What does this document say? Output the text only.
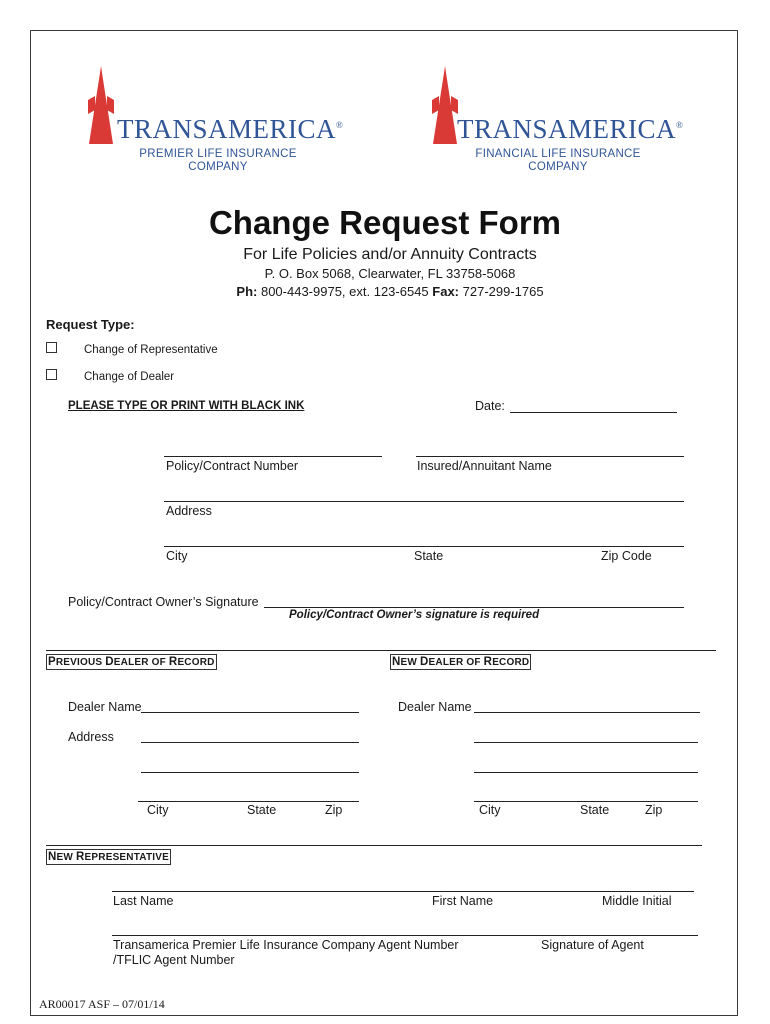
TRANSAMERICA®
PREMIER LIFE INSURANCE
COMPANY
TRANSAMERICA®
FINANCIAL LIFE INSURANCE
COMPANY
Change Request Form
For Life Policies and/or Annuity Contracts
P. O. Box 5068, Clearwater, FL 33758-5068
Ph: 800-443-9975, ext. 123-6545 Fax: 727-299-1765
Request Type:
Change of Representative
Change of Dealer
PLEASE TYPE OR PRINT WITH BLACK INK	Date:
Policy/Contract Number	Insured/Annuitant Name
Address
City	State	Zip Code
Policy/Contract Owner’s Signature
Policy/Contract Owner’s signature is required
PREVIOUS DEALER OF RECORD	NEW DEALER OF RECORD
Dealer Name	Dealer Name
Address
City	State	Zip	City	State	Zip
NEW REPRESENTATIVE
Last Name	First Name	Middle Initial
Transamerica Premier Life Insurance Company Agent Number
/TFLIC Agent Number
Signature of Agent
AR00017 ASF – 07/01/14
